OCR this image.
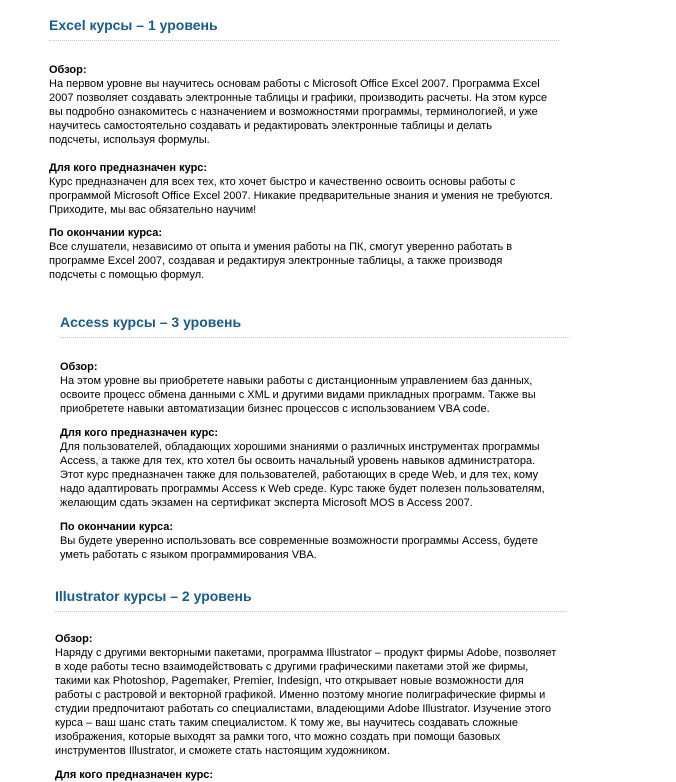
Excel курсы – 1 уровень
Обзор:
На первом уровне вы научитесь основам работы с Microsoft Office Excel 2007. Программа Excel
2007 позволяет создавать электронные таблицы и графики, производить расчеты. На этом курсе
вы подробно ознакомитесь с назначением и возможностями программы, терминологией, и уже
научитесь самостоятельно создавать и редактировать электронные таблицы и делать
подсчеты, используя формулы.
Для кого предназначен курс:
Курс предназначен для всех тех, кто хочет быстро и качественно освоить основы работы с
программой Microsoft Office Excel 2007. Никакие предварительные знания и умения не требуются.
Приходите, мы вас обязательно научим!
По окончании курса:
Все слушатели, независимо от опыта и умения работы на ПК, смогут уверенно работать в
программе Excel 2007, создавая и редактируя электронные таблицы, а также производя
подсчеты с помощью формул.
Access курсы – 3 уровень
Обзор:
На этом уровне вы приобретете навыки работы с дистанционным управлением баз данных,
освоите процесс обмена данными с XML и другими видами прикладных программ. Также вы
приобретете навыки автоматизации бизнес процессов с использованием VBA code.
Для кого предназначен курс:
Для пользователей, обладающих хорошими знаниями о различных инструментах программы
Access, а также для тех, кто хотел бы освоить начальный уровень навыков администратора.
Этот курс предназначен также для пользователей, работающих в среде Web, и для тех, кому
надо адаптировать программы Access к Web среде. Курс также будет полезен пользователям,
желающим сдать экзамен на сертификат эксперта Microsoft MOS в Access 2007.
По окончании курса:
Вы будете уверенно использовать все современные возможности программы Access, будете
уметь работать с языком программирования VBA.
Illustrator курсы – 2 уровень
Обзор:
Наряду с другими векторными пакетами, программа Illustrator – продукт фирмы Adobe, позволяет
в ходе работы тесно взаимодействовать с другими графическими пакетами этой же фирмы,
такими как Photoshop, Pagemaker, Premier, Indesign, что открывает новые возможности для
работы с растровой и векторной графикой. Именно поэтому многие полиграфические фирмы и
студии предпочитают работать со специалистами, владеющими Adobe Illustrator. Изучение этого
курса – ваш шанс стать таким специалистом. К тому же, вы научитесь создавать сложные
изображения, которые выходят за рамки того, что можно создать при помощи базовых
инструментов Illustrator, и сможете стать настоящим художником.
Для кого предназначен курс:
